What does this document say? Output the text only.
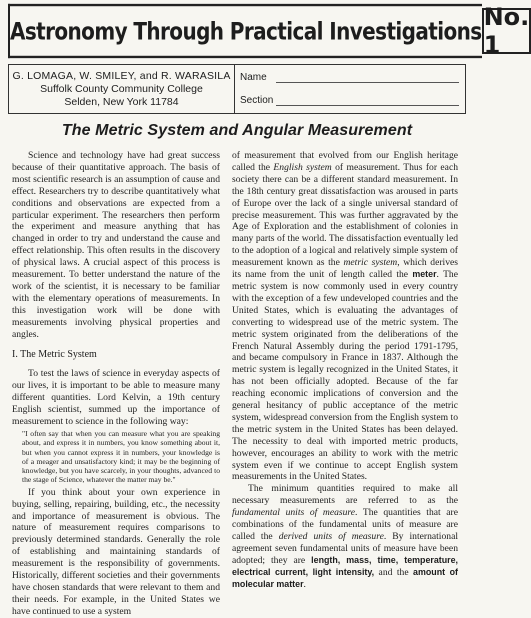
Astronomy Through Practical Investigations No. 1
G. LOMAGA, W. SMILEY, and R. WARASILA
Suffolk County Community College
Selden, New York 11784
Name
Section
The Metric System and Angular Measurement

Science and technology have had great success because of their quantitative approach. The basis of most scientific research is an assumption of cause and effect. Researchers try to describe quantitatively what conditions and observations are expected from a particular experiment. The researchers then perform the experiment and measure anything that has changed in order to try and understand the cause and effect relationship. This often results in the discovery of physical laws. A crucial aspect of this process is measurement. To better understand the nature of the work of the scientist, it is necessary to be familiar with the elementary operations of measurements. In this investigation work will be done with measurements involving physical properties and angles.

I. The Metric System

To test the laws of science in everyday aspects of our lives, it is important to be able to measure many different quantities. Lord Kelvin, a 19th century English scientist, summed up the importance of measurement to science in the following way:

"I often say that when you can measure what you are speaking about, and express it in numbers, you know something about it, but when you cannot express it in numbers, your knowledge is of a meager and unsatisfactory kind; it may be the beginning of knowledge, but you have scarcely, in your thoughts, advanced to the stage of Science, whatever the matter may be."

If you think about your own experience in buying, selling, repairing, building, etc., the necessity and importance of measurement is obvious. The nature of measurement requires comparisons to previously determined standards. Generally the role of establishing and maintaining standards of measurement is the responsibility of governments. Historically, different societies and their governments have chosen standards that were relevant to them and their needs. For example, in the United States we have continued to use a system

of measurement that evolved from our English heritage called the English system of measurement. Thus for each society there can be a different standard measurement. In the 18th century great dissatisfaction was aroused in parts of Europe over the lack of a single universal standard of precise measurement. This was further aggravated by the Age of Exploration and the establishment of colonies in many parts of the world. The dissatisfaction eventually led to the adoption of a logical and relatively simple system of measurement known as the metric system, which derives its name from the unit of length called the meter. The metric system is now commonly used in every country with the exception of a few undeveloped countries and the United States, which is evaluating the advantages of converting to widespread use of the metric system. The metric system originated from the deliberations of the French Natural Assembly during the period 1791-1795, and became compulsory in France in 1837. Although the metric system is legally recognized in the United States, it has not been officially adopted. Because of the far reaching economic implications of conversion and the general hesitancy of public acceptance of the metric system, widespread conversion from the English system to the metric system in the United States has been delayed. The necessity to deal with imported metric products, however, encourages an ability to work with the metric system even if we continue to accept English system measurements in the United States.

The minimum quantities required to make all necessary measurements are referred to as the fundamental units of measure. The quantities that are combinations of the fundamental units of measure are called the derived units of measure. By international agreement seven fundamental units of measure have been adopted; they are length, mass, time, temperature, electrical current, light intensity, and the amount of molecular matter.
